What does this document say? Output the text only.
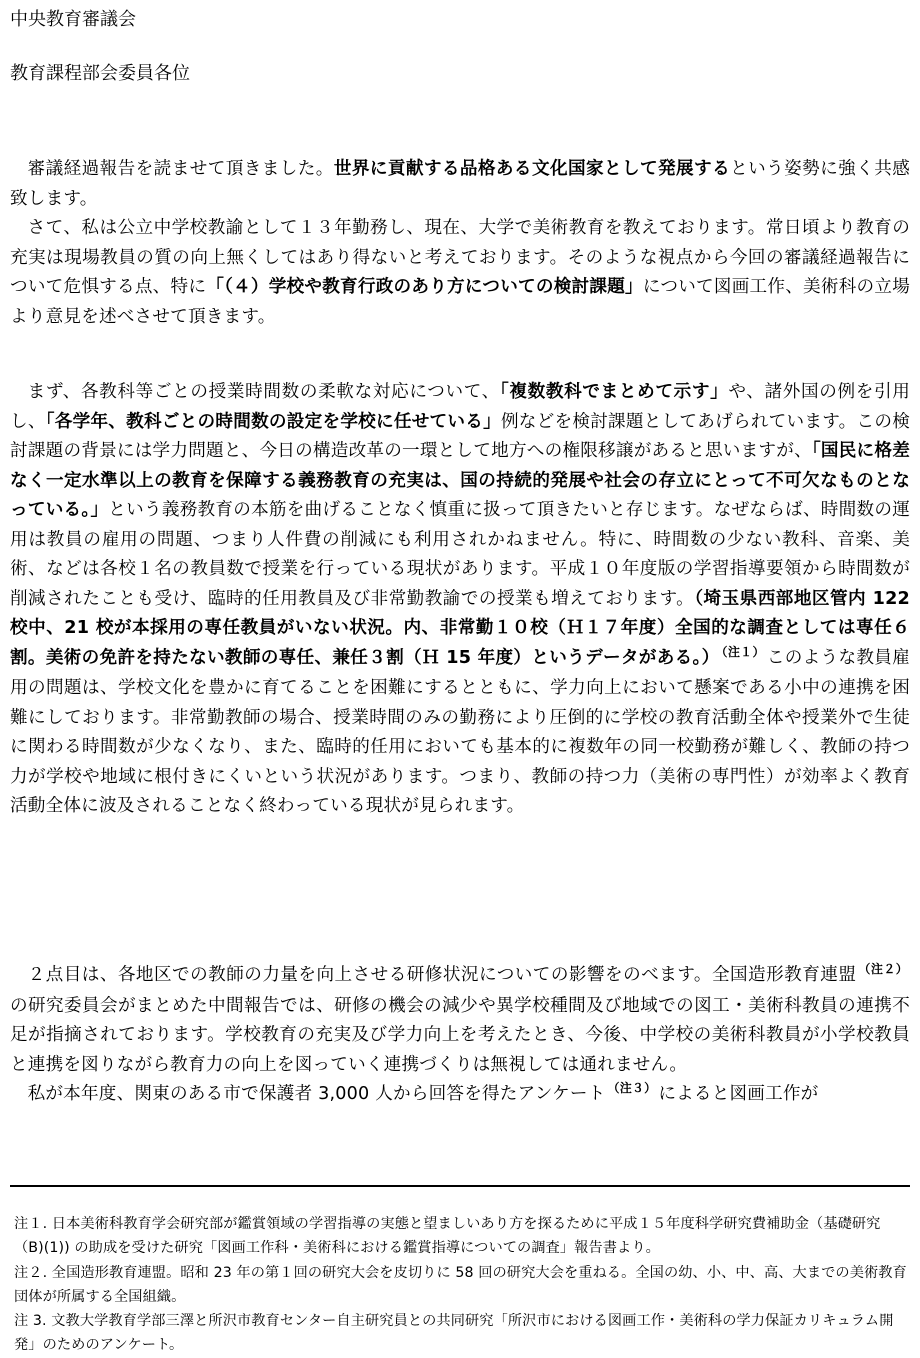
中央教育審議会
教育課程部会委員各位

審議経過報告を読ませて頂きました。世界に貢献する品格ある文化国家として発展するという姿勢に強く共感致します。

さて、私は公立中学校教諭として１３年勤務し、現在、大学で美術教育を教えております。常日頃より教育の充実は現場教員の質の向上無くしてはあり得ないと考えております。そのような視点から今回の審議経過報告について危惧する点、特に「（４）学校や教育行政のあり方についての検討課題」について図画工作、美術科の立場より意見を述べさせて頂きます。

まず、各教科等ごとの授業時間数の柔軟な対応について、「複数教科でまとめて示す」や、諸外国の例を引用し、「各学年、教科ごとの時間数の設定を学校に任せている」例などを検討課題としてあげられています。この検討課題の背景には学力問題と、今日の構造改革の一環として地方への権限移譲があると思いますが、「国民に格差なく一定水準以上の教育を保障する義務教育の充実は、国の持続的発展や社会の存立にとって不可欠なものとなっている。」という義務教育の本筋を曲げることなく慎重に扱って頂きたいと存じます。なぜならば、時間数の運用は教員の雇用の問題、つまり人件費の削減にも利用されかねません。特に、時間数の少ない教科、音楽、美術、などは各校１名の教員数で授業を行っている現状があります。平成１０年度版の学習指導要領から時間数が削減されたことも受け、臨時的任用教員及び非常勤教諭での授業も増えております。（埼玉県西部地区管内 122 校中、21 校が本採用の専任教員がいない状況。内、非常勤１０校（Ｈ１７年度）全国的な調査としては専任６割。美術の免許を持たない教師の専任、兼任３割（Ｈ 15 年度）というデータがある。） $^{(注1)}$ このような教員雇用の問題は、学校文化を豊かに育てることを困難にするとともに、学力向上において懸案である小中の連携を困難にしております。非常勤教師の場合、授業時間のみの勤務により圧倒的に学校の教育活動全体や授業外で生徒に関わる時間数が少なくなり、また、臨時的任用においても基本的に複数年の同一校勤務が難しく、教師の持つ力が学校や地域に根付きにくいという状況があります。つまり、教師の持つ力（美術の専門性）が効率よく教育活動全体に波及されることなく終わっている現状が見られます。

２点目は、各地区での教師の力量を向上させる研修状況についての影響をのべます。全国造形教育連盟 $^{(注2)}$の研究委員会がまとめた中間報告では、研修の機会の減少や異学校種間及び地域での図工・美術科教員の連携不足が指摘されております。学校教育の充実及び学力向上を考えたとき、今後、中学校の美術科教員が小学校教員と連携を図りながら教育力の向上を図っていく連携づくりは無視しては通れません。

私が本年度、関東のある市で保護者 3,000 人から回答を得たアンケート $^{(注3)}$ によると図画工作が

注１. 日本美術科教育学会研究部が鑑賞領域の学習指導の実態と望ましいあり方を探るために平成１５年度科学研究費補助金（基礎研究（B)(1)) の助成を受けた研究「図画工作科・美術科における鑑賞指導についての調査」報告書より。

注２. 全国造形教育連盟。昭和 23 年の第１回の研究大会を皮切りに 58 回の研究大会を重ねる。全国の幼、小、中、高、大までの美術教育団体が所属する全国組織。

注 3. 文教大学教育学部三澤と所沢市教育センター自主研究員との共同研究「所沢市における図画工作・美術科の学力保証カリキュラム開発」のためのアンケート。
